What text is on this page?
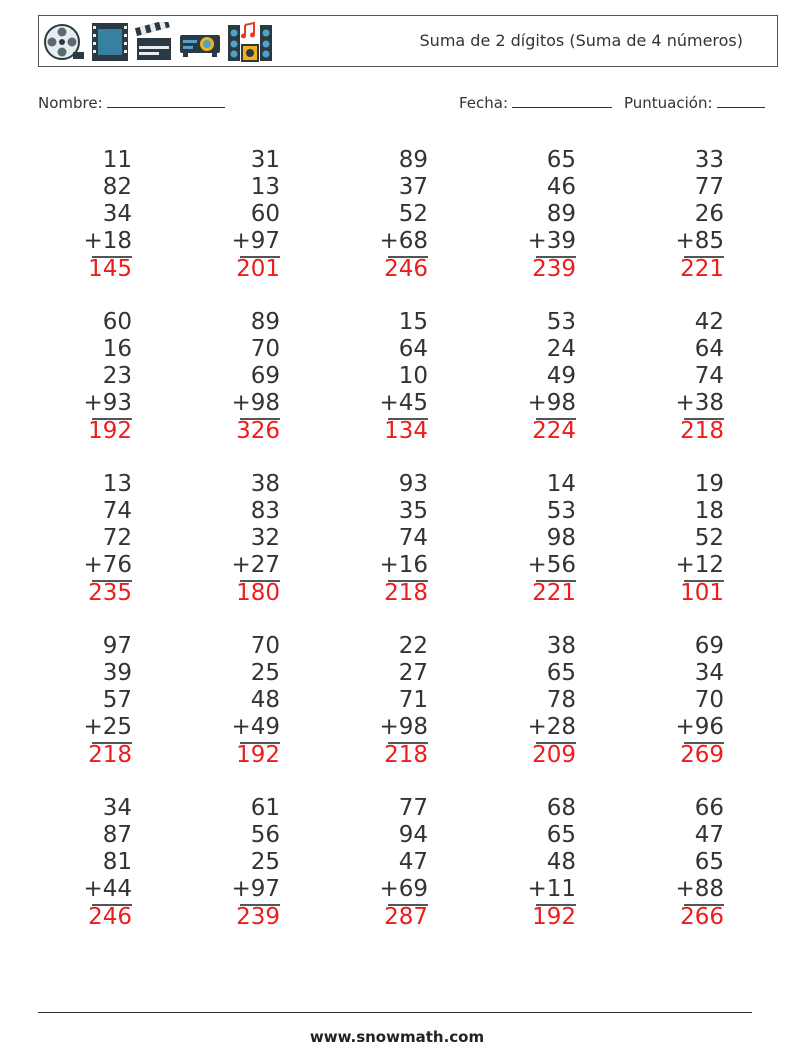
Suma de 2 dígitos (Suma de 4 números)
Nombre:	Fecha:	Puntuación:
11
82
34
+18
145
31
13
60
+97
201
89
37
52
+68
246
65
46
89
+39
239
33
77
26
+85
221
60
16
23
+93
192
89
70
69
+98
326
15
64
10
+45
134
53
24
49
+98
224
42
64
74
+38
218
13
74
72
+76
235
38
83
32
+27
180
93
35
74
+16
218
14
53
98
+56
221
19
18
52
+12
101
97
39
57
+25
218
70
25
48
+49
192
22
27
71
+98
218
38
65
78
+28
209
69
34
70
+96
269
34
87
81
+44
246
61
56
25
+97
239
77
94
47
+69
287
68
65
48
+11
192
66
47
65
+88
266
www.snowmath.com
